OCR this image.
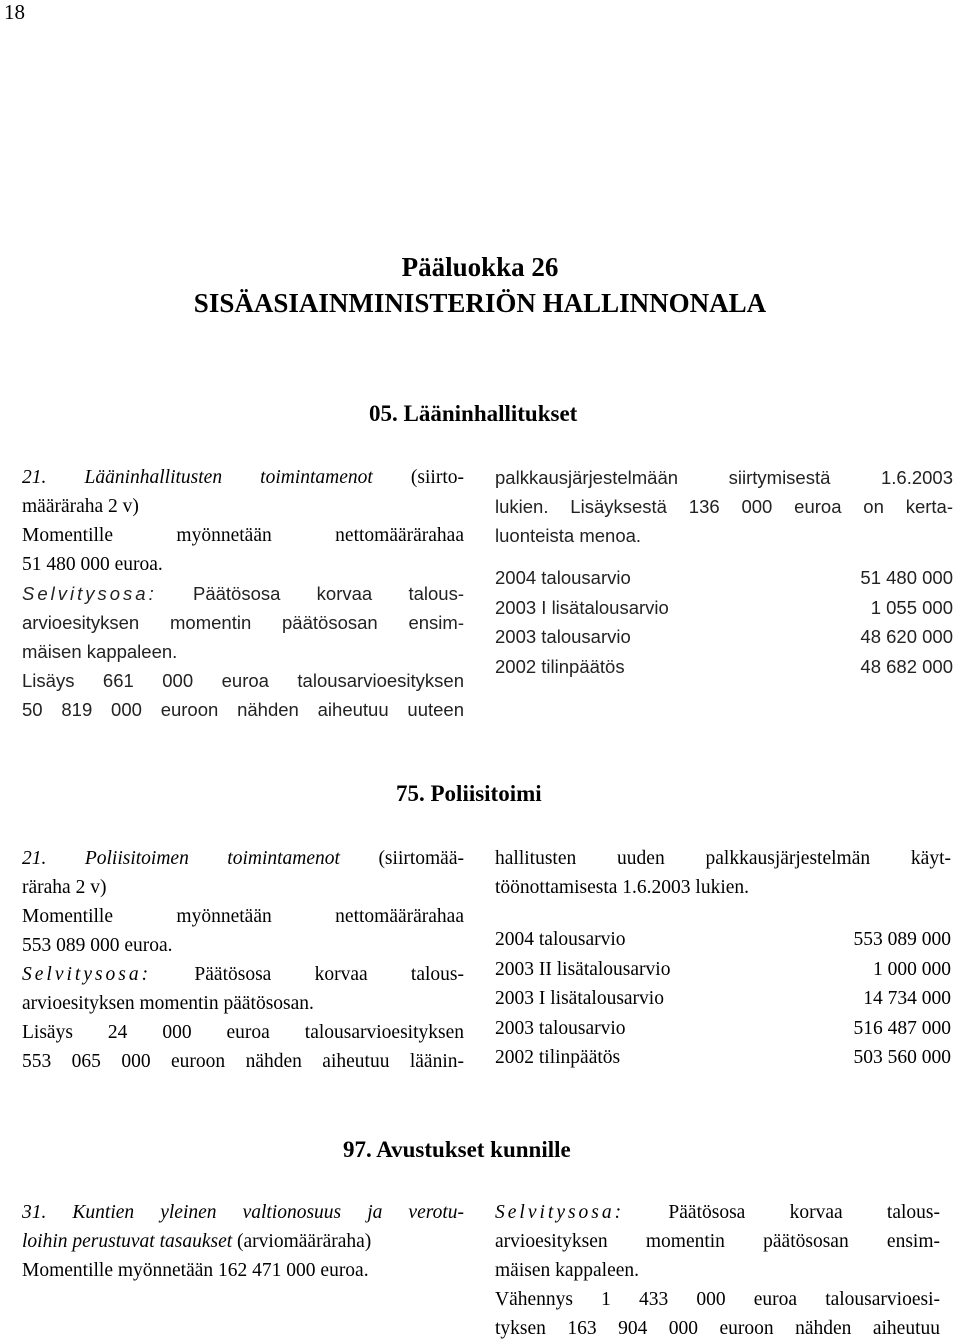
18
Pääluokka 26
SISÄASIAINMINISTERIÖN HALLINNONALA
05. Lääninhallitukset

21. Lääninhallitusten toimintamenot (siirto-

määräraha 2 v)

Momentille myönnetään nettomäärärahaa

51 480 000 euroa.

Selvitysosa: Päätösosa korvaa talous-

arvioesityksen momentin päätösosan ensim-

mäisen kappaleen.

Lisäys 661 000 euroa talousarvioesityksen

50 819 000 euroon nähden aiheutuu uuteen

palkkausjärjestelmään siirtymisestä 1.6.2003

lukien. Lisäyksestä 136 000 euroa on kerta-

luonteista menoa.

2004 talousarvio	51 480 000
2003 I lisätalousarvio	1 055 000
2003 talousarvio	48 620 000
2002 tilinpäätös	48 682 000
75. Poliisitoimi

21. Poliisitoimen toimintamenot (siirtomää-

räraha 2 v)

Momentille myönnetään nettomäärärahaa

553 089 000 euroa.

Selvitysosa: Päätösosa korvaa talous-

arvioesityksen momentin päätösosan.

Lisäys 24 000 euroa talousarvioesityksen

553 065 000 euroon nähden aiheutuu läänin-

hallitusten uuden palkkausjärjestelmän käyt-

töönottamisesta 1.6.2003 lukien.

2004 talousarvio	553 089 000
2003 II lisätalousarvio	1 000 000
2003 I lisätalousarvio	14 734 000
2003 talousarvio	516 487 000
2002 tilinpäätös	503 560 000
97. Avustukset kunnille

31. Kuntien yleinen valtionosuus ja verotu-

loihin perustuvat tasaukset (arviomääräraha)

Momentille myönnetään 162 471 000 euroa.

Selvitysosa: Päätösosa korvaa talous-

arvioesityksen momentin päätösosan ensim-

mäisen kappaleen.

Vähennys 1 433 000 euroa talousarvioesi-

tyksen 163 904 000 euroon nähden aiheutuu
